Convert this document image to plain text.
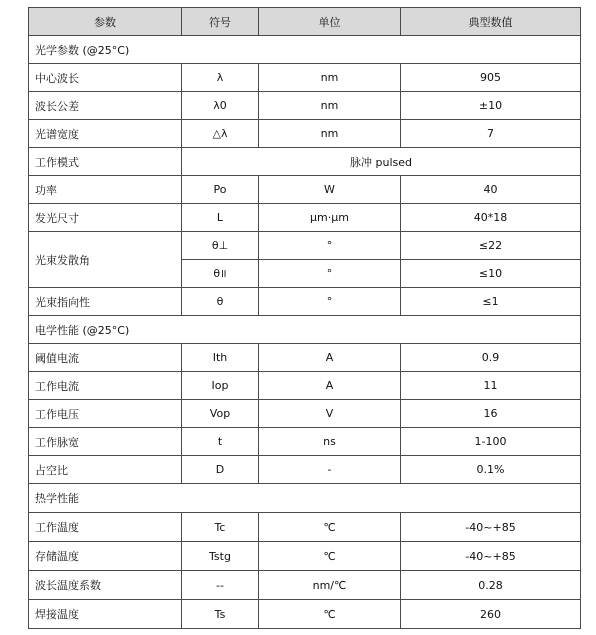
参数	符号	单位	典型数值
光学参数 (@25°C)			
中心波长	λ	nm	905
波长公差	λ0	nm	±10
光谱宽度	△λ	nm	7
工作模式	脉冲 pulsed		
功率	Po	W	40
发光尺寸	L	μm·μm	40*18
光束发散角	θ⊥	°	≤22
	θ॥	°	≤10
光束指向性	θ	°	≤1
电学性能 (@25°C)			
阈值电流	Ith	A	0.9
工作电流	Iop	A	11
工作电压	Vop	V	16
工作脉宽	t	ns	1-100
占空比	D	-	0.1%
热学性能			
工作温度	Tc	℃	-40~+85
存储温度	Tstg	℃	-40~+85
波长温度系数	--	nm/℃	0.28
焊接温度	Ts	℃	260
